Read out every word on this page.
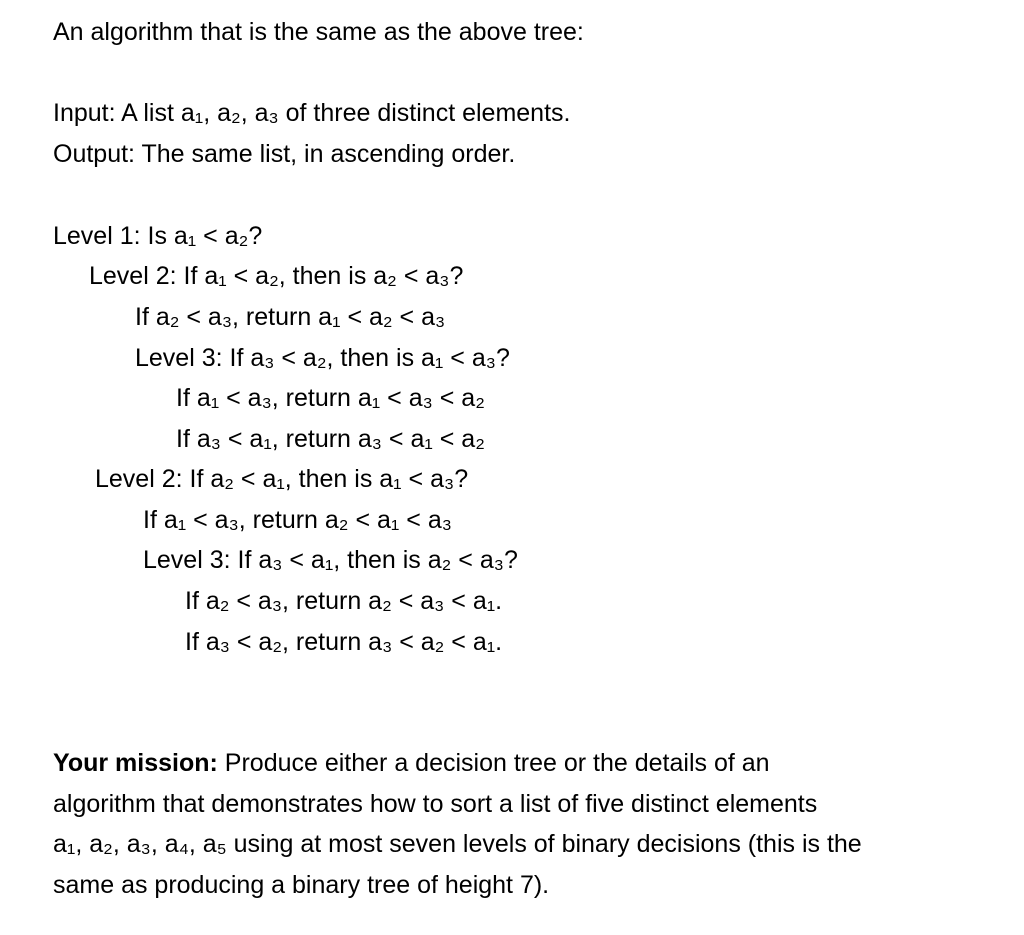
An algorithm that is the same as the above tree:
Input: A list a₁, a₂, a₃ of three distinct elements.
Output: The same list, in ascending order.
Level 1: Is a₁ < a₂?
Level 2: If a₁ < a₂, then is a₂ < a₃?
If a₂ < a₃, return a₁ < a₂ < a₃
Level 3: If a₃ < a₂, then is a₁ < a₃?
If a₁ < a₃, return a₁ < a₃ < a₂
If a₃ < a₁, return a₃ < a₁ < a₂
Level 2: If a₂ < a₁, then is a₁ < a₃?
If a₁ < a₃, return a₂ < a₁ < a₃
Level 3: If a₃ < a₁, then is a₂ < a₃?
If a₂ < a₃, return a₂ < a₃ < a₁.
If a₃ < a₂, return a₃ < a₂ < a₁.
Your mission: Produce either a decision tree or the details of an
algorithm that demonstrates how to sort a list of five distinct elements
a₁, a₂, a₃, a₄, a₅ using at most seven levels of binary decisions (this is the
same as producing a binary tree of height 7).
